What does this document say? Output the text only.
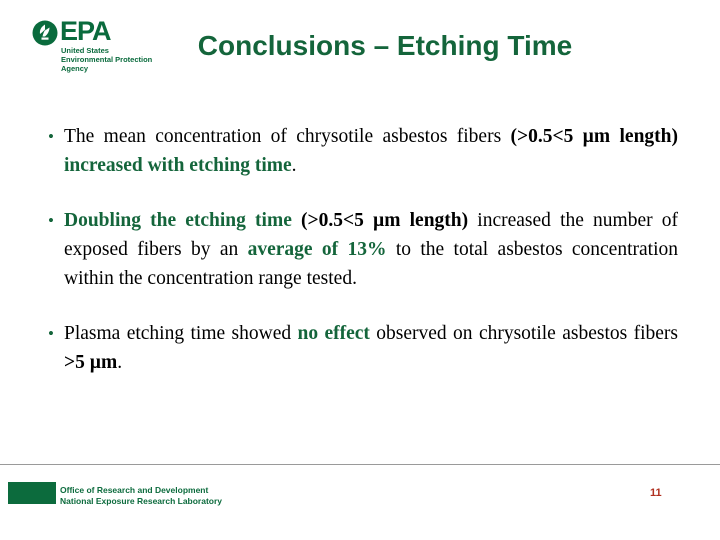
EPA
United States
Environmental Protection
Agency
Conclusions – Etching Time
• The mean concentration of chrysotile asbestos fibers (>0.5<5 µm length) increased with etching time.
• Doubling the etching time (>0.5<5 µm length) increased the number of exposed fibers by an average of 13% to the total asbestos concentration within the concentration range tested.
• Plasma etching time showed no effect observed on chrysotile asbestos fibers >5 µm.
Office of Research and Development
National Exposure Research Laboratory
11
